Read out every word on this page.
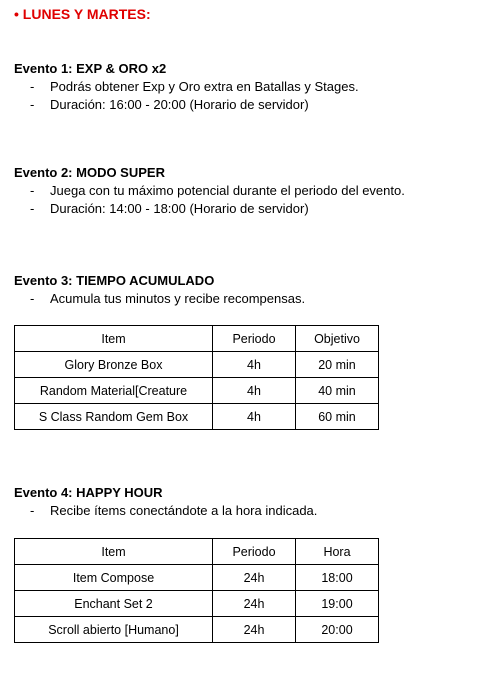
• LUNES Y MARTES:
Evento 1: EXP & ORO x2
- Podrás obtener Exp y Oro extra en Batallas y Stages.
- Duración: 16:00 - 20:00 (Horario de servidor)
Evento 2: MODO SUPER
- Juega con tu máximo potencial durante el periodo del evento.
- Duración: 14:00 - 18:00 (Horario de servidor)
Evento 3: TIEMPO ACUMULADO
- Acumula tus minutos y recibe recompensas.
Item	Periodo	Objetivo
Glory Bronze Box	4h	20 min
Random Material[Creature	4h	40 min
S Class Random Gem Box	4h	60 min
Evento 4: HAPPY HOUR
- Recibe ítems conectándote a la hora indicada.
Item	Periodo	Hora
Item Compose	24h	18:00
Enchant Set 2	24h	19:00
Scroll abierto [Humano]	24h	20:00
